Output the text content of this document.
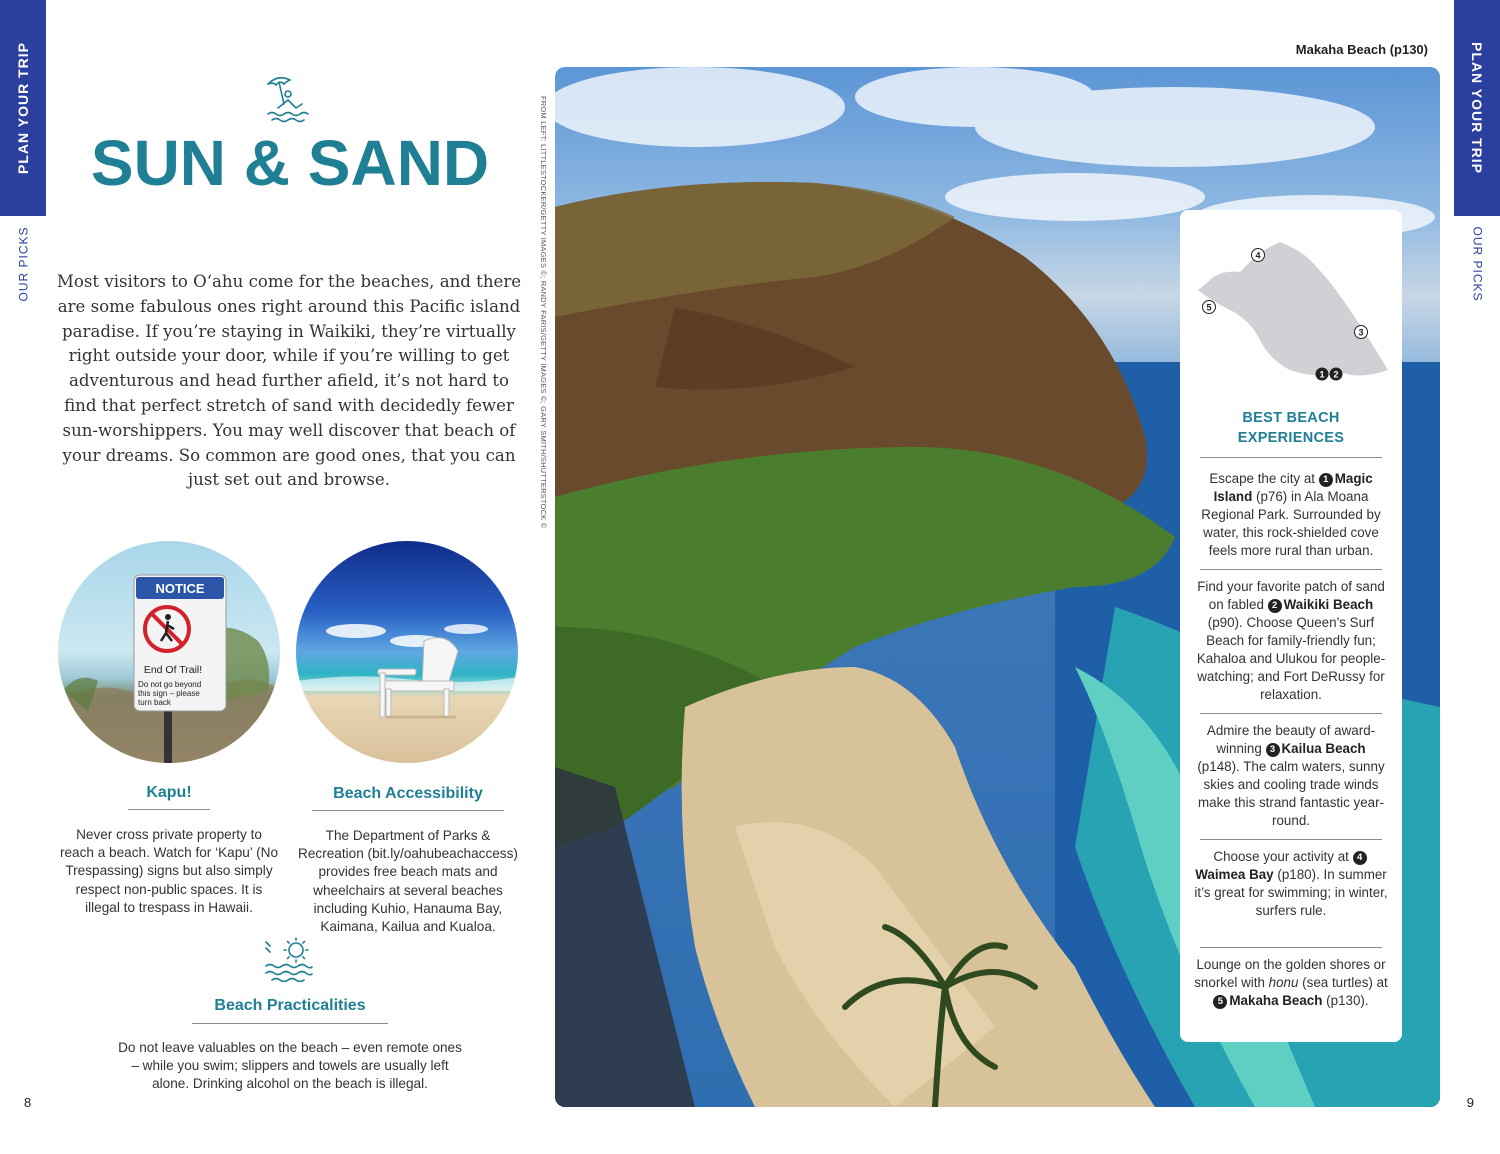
PLAN YOUR TRIP
OUR PICKS
PLAN YOUR TRIP
OUR PICKS
SUN & SAND
Most visitors to O‘ahu come for the beaches, and there are some fabulous ones right around this Pacific island paradise. If you’re staying in Waikiki, they’re virtually right outside your door, while if you’re willing to get adventurous and head further afield, it’s not hard to find that perfect stretch of sand with decidedly fewer sun-worshippers. You may well discover that beach of your dreams. So common are good ones, that you can just set out and browse.
NOTICE
End Of Trail!
Do not go beyond
this sign – please
turn back
Kapu!
Never cross private property to reach a beach. Watch for ‘Kapu’ (No Trespassing) signs but also simply respect non-public spaces. It is illegal to trespass in Hawaii.
Beach Accessibility
The Department of Parks & Recreation (bit.ly/oahubeachaccess) provides free beach mats and wheelchairs at several beaches including Kuhio, Hanauma Bay, Kaimana, Kailua and Kualoa.
Beach Practicalities
Do not leave valuables on the beach – even remote ones – while you swim; slippers and towels are usually left alone. Drinking alcohol on the beach is illegal.
8	9
FROM LEFT: LITTLESTOCKER/GETTY IMAGES ©; RANDY FARIS/GETTY IMAGES ©; GARY SMITH/SHUTTERSTOCK ©
Makaha Beach (p130)
4
5
3
1 2
BEST BEACH
EXPERIENCES
Escape the city at 1 Magic Island (p76) in Ala Moana Regional Park. Surrounded by water, this rock-shielded cove feels more rural than urban.
Find your favorite patch of sand on fabled 2 Waikiki Beach (p90). Choose Queen’s Surf Beach for family-friendly fun; Kahaloa and Ulukou for people-watching; and Fort DeRussy for relaxation.
Admire the beauty of award-winning 3 Kailua Beach (p148). The calm waters, sunny skies and cooling trade winds make this strand fantastic year-round.
Choose your activity at 4Waimea Bay (p180). In summer it’s great for swimming; in winter, surfers rule.
Lounge on the golden shores or snorkel with honu (sea turtles) at 5 Makaha Beach (p130).
